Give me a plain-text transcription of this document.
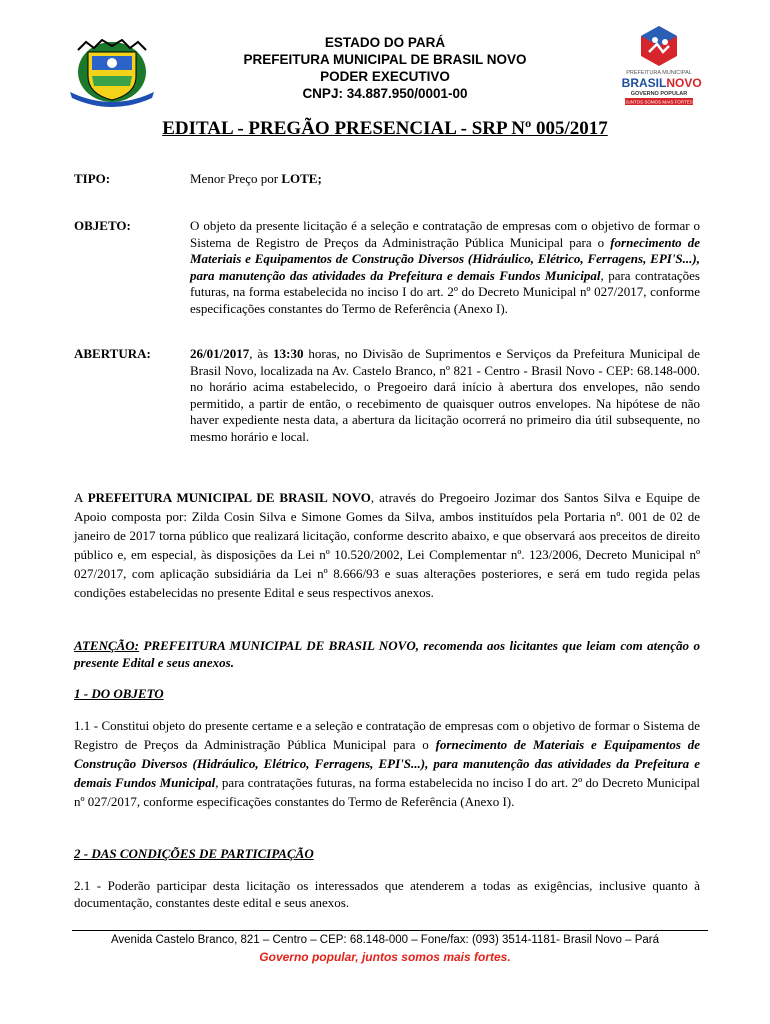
ESTADO DO PARÁ
PREFEITURA MUNICIPAL DE BRASIL NOVO
PODER EXECUTIVO
CNPJ: 34.887.950/0001-00
PREFEITURA MUNICIPAL
BRASIL NOVO
GOVERNO POPULAR
JUNTOS SOMOS MAIS FORTES
EDITAL - PREGÃO PRESENCIAL - SRP Nº 005/2017
TIPO:	Menor Preço por LOTE;
OBJETO:	O objeto da presente licitação é a seleção e contratação de empresas com o objetivo de formar o Sistema de Registro de Preços da Administração Pública Municipal para o fornecimento de Materiais e Equipamentos de Construção Diversos (Hidráulico, Elétrico, Ferragens, EPI'S...), para manutenção das atividades da Prefeitura e demais Fundos Municipal, para contratações futuras, na forma estabelecida no inciso I do art. 2º do Decreto Municipal nº 027/2017, conforme especificações constantes do Termo de Referência (Anexo I).
ABERTURA:	26/01/2017, às 13:30 horas, no Divisão de Suprimentos e Serviços da Prefeitura Municipal de Brasil Novo, localizada na Av. Castelo Branco, nº 821 - Centro - Brasil Novo - CEP: 68.148-000. no horário acima estabelecido, o Pregoeiro dará início à abertura dos envelopes, não sendo permitido, a partir de então, o recebimento de quaisquer outros envelopes. Na hipótese de não haver expediente nesta data, a abertura da licitação ocorrerá no primeiro dia útil subsequente, no mesmo horário e local.
A PREFEITURA MUNICIPAL DE BRASIL NOVO, através do Pregoeiro Jozimar dos Santos Silva e Equipe de Apoio composta por: Zilda Cosin Silva e Simone Gomes da Silva, ambos instituídos pela Portaria nº. 001 de 02 de janeiro de 2017 torna público que realizará licitação, conforme descrito abaixo, e que observará aos preceitos de direito público e, em especial, às disposições da Lei nº 10.520/2002, Lei Complementar nº. 123/2006, Decreto Municipal nº 027/2017, com aplicação subsidiária da Lei nº 8.666/93 e suas alterações posteriores, e será em tudo regida pelas condições estabelecidas no presente Edital e seus respectivos anexos.
ATENÇÃO: PREFEITURA MUNICIPAL DE BRASIL NOVO, recomenda aos licitantes que leiam com atenção o presente Edital e seus anexos.
1 - DO OBJETO
1.1 - Constitui objeto do presente certame e a seleção e contratação de empresas com o objetivo de formar o Sistema de Registro de Preços da Administração Pública Municipal para o fornecimento de Materiais e Equipamentos de Construção Diversos (Hidráulico, Elétrico, Ferragens, EPI'S...), para manutenção das atividades da Prefeitura e demais Fundos Municipal, para contratações futuras, na forma estabelecida no inciso I do art. 2º do Decreto Municipal nº 027/2017, conforme especificações constantes do Termo de Referência (Anexo I).
2 - DAS CONDIÇÕES DE PARTICIPAÇÃO
2.1 - Poderão participar desta licitação os interessados que atenderem a todas as exigências, inclusive quanto à documentação, constantes deste edital e seus anexos.
Avenida Castelo Branco, 821 – Centro – CEP: 68.148-000 – Fone/fax: (093) 3514-1181- Brasil Novo – Pará
Governo popular, juntos somos mais fortes.
